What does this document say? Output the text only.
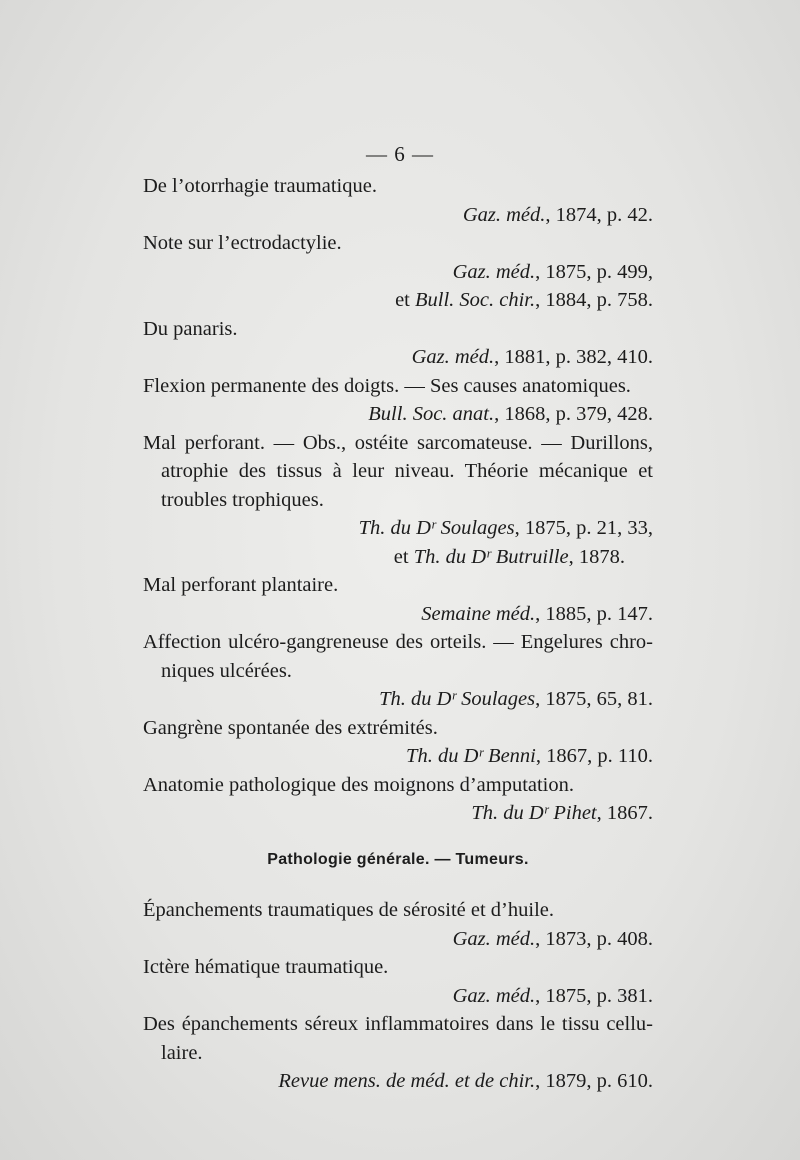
— 6 —
De l’otorrhagie traumatique.
Gaz. méd., 1874, p. 42.
Note sur l’ectrodactylie.
Gaz. méd., 1875, p. 499,
et Bull. Soc. chir., 1884, p. 758.
Du panaris.
Gaz. méd., 1881, p. 382, 410.
Flexion permanente des doigts. — Ses causes anatomiques.
Bull. Soc. anat., 1868, p. 379, 428.
Mal perforant. — Obs., ostéite sarcomateuse. — Durillons,
atrophie des tissus à leur niveau. Théorie mécanique et
troubles trophiques.
Th. du Dʳ Soulages, 1875, p. 21, 33,
et Th. du Dʳ Butruille, 1878.
Mal perforant plantaire.
Semaine méd., 1885, p. 147.
Affection ulcéro-gangreneuse des orteils. — Engelures chro-
niques ulcérées.
Th. du Dʳ Soulages, 1875, 65, 81.
Gangrène spontanée des extrémités.
Th. du Dʳ Benni, 1867, p. 110.
Anatomie pathologique des moignons d’amputation.
Th. du Dʳ Pihet, 1867.
Pathologie générale. — Tumeurs.
Épanchements traumatiques de sérosité et d’huile.
Gaz. méd., 1873, p. 408.
Ictère hématique traumatique.
Gaz. méd., 1875, p. 381.
Des épanchements séreux inflammatoires dans le tissu cellu-
laire.
Revue mens. de méd. et de chir., 1879, p. 610.
